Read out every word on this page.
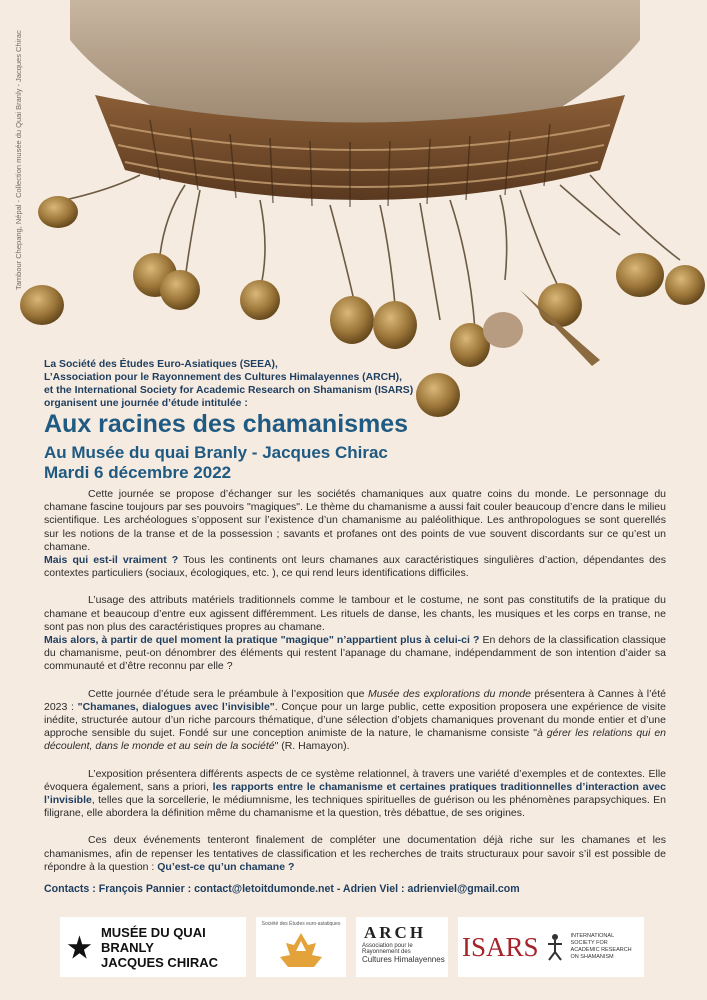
Tambour Chepang, Népal - Collection musée du Quai Branly - Jacques Chirac
La Société des Études Euro-Asiatiques (SEEA),
L’Association pour le Rayonnement des Cultures Himalayennes (ARCH),
et the International Society for Academic Research on Shamanism (ISARS)
organisent une journée d’étude intitulée :
Aux racines des chamanismes
Au Musée du quai Branly - Jacques Chirac
Mardi 6 décembre 2022

Cette journée se propose d’échanger sur les sociétés chamaniques aux quatre coins du monde. Le personnage du chamane fascine toujours par ses pouvoirs "magiques". Le thème du chamanisme a aussi fait couler beaucoup d’encre dans le milieu scientifique. Les archéologues s’opposent sur l’existence d’un chamanisme au paléolithique. Les anthropologues se sont querellés sur les notions de la transe et de la possession ; savants et profanes ont des points de vue souvent discordants sur ce qu’est un chamane.
Mais qui est-il vraiment ? Tous les continents ont leurs chamanes aux caractéristiques singulières d’action, dépendantes des contextes particuliers (sociaux, écologiques, etc. ), ce qui rend leurs identifications difficiles.

L’usage des attributs matériels traditionnels comme le tambour et le costume, ne sont pas constitutifs de la pratique du chamane et beaucoup d’entre eux agissent différemment. Les rituels de danse, les chants, les musiques et les corps en transe, ne sont pas non plus des caractéristiques propres au chamane.
Mais alors, à partir de quel moment la pratique "magique" n’appartient plus à celui-ci ? En dehors de la classification classique du chamanisme, peut-on dénombrer des éléments qui restent l’apanage du chamane, indépendamment de son intention d’aider sa communauté et d’être reconnu par elle ?

Cette journée d’étude sera le préambule à l’exposition que Musée des explorations du monde présentera à Cannes à l’été 2023 : "Chamanes, dialogues avec l’invisible". Conçue pour un large public, cette exposition proposera une expérience de visite inédite, structurée autour d’un riche parcours thématique, d’une sélection d’objets chamaniques provenant du monde entier et d’une approche sensible du sujet. Fondé sur une conception animiste de la nature, le chamanisme consiste "à gérer les relations qui en découlent, dans le monde et au sein de la société" (R. Hamayon).

L’exposition présentera différents aspects de ce système relationnel, à travers une variété d’exemples et de contextes. Elle évoquera également, sans a priori, les rapports entre le chamanisme et certaines pratiques traditionnelles d’interaction avec l’invisible, telles que la sorcellerie, le médiumnisme, les techniques spirituelles de guérison ou les phénomènes parapsychiques. En filigrane, elle abordera la définition même du chamanisme et la question, très débattue, de ses origines.

Ces deux événements tenteront finalement de compléter une documentation déjà riche sur les chamanes et les chamanismes, afin de repenser les tentatives de classification et les recherches de traits structuraux pour savoir s’il est possible de répondre à la question : Qu’est-ce qu’un chamane ?

Contacts : François Pannier : contact@letoitdumonde.net - Adrien Viel : adrienviel@gmail.com
MUSÉE DU QUAI BRANLY
JACQUES CHIRAC
Société des Études euro-asiatiques	ARCH
Association pour le Rayonnement des
Cultures Himalayennes ISARS	INTERNATIONAL
SOCIETY FOR
ACADEMIC RESEARCH
ON SHAMANISM
